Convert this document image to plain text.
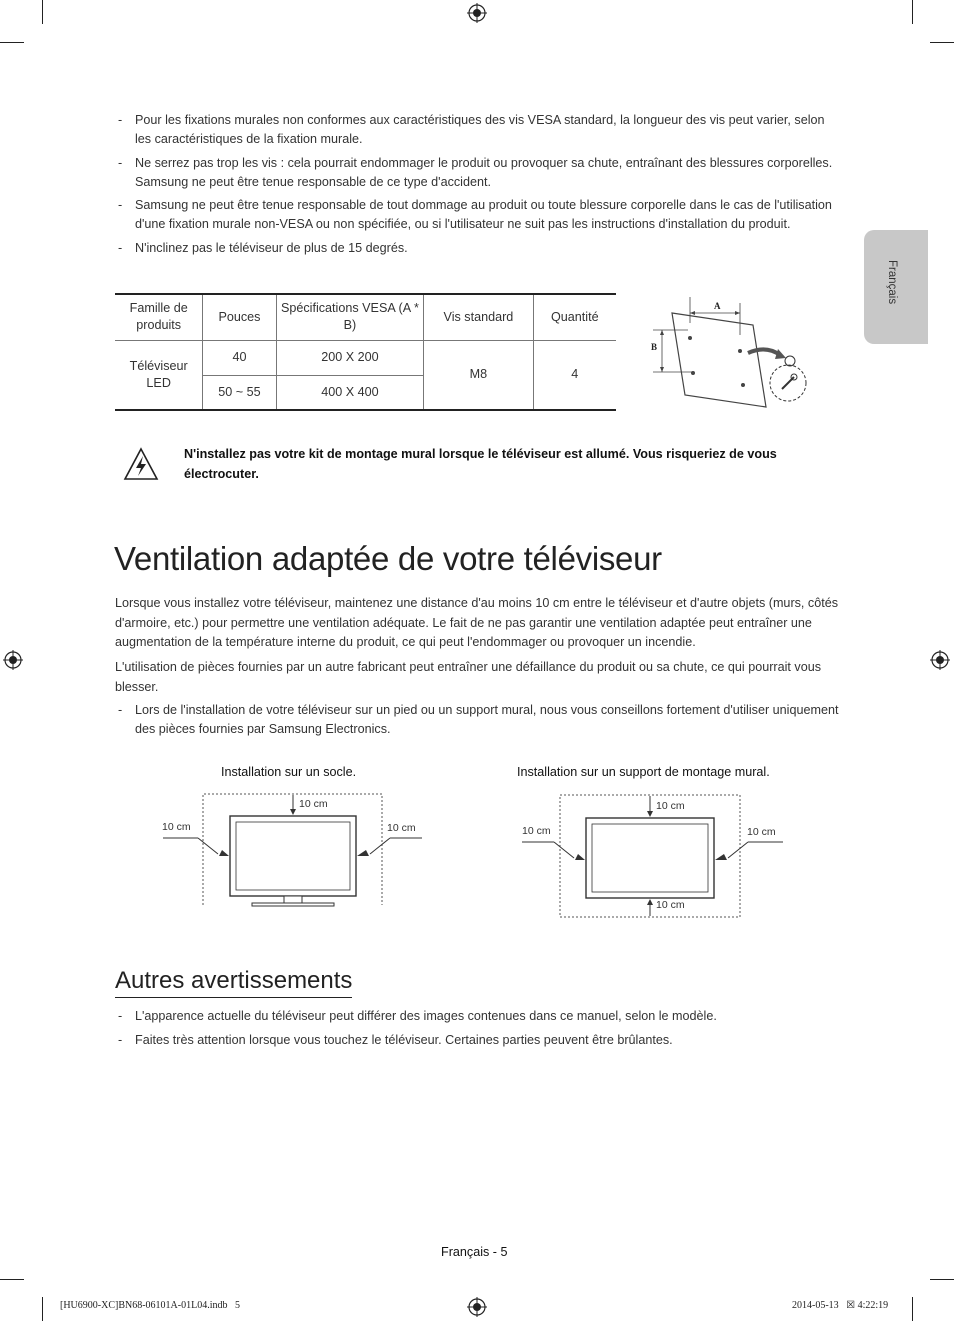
Français
- Pour les fixations murales non conformes aux caractéristiques des vis VESA standard, la longueur des vis peut varier, selon les caractéristiques de la fixation murale.
- Ne serrez pas trop les vis : cela pourrait endommager le produit ou provoquer sa chute, entraînant des blessures corporelles. Samsung ne peut être tenue responsable de ce type d'accident.
- Samsung ne peut être tenue responsable de tout dommage au produit ou toute blessure corporelle dans le cas de l'utilisation d'une fixation murale non-VESA ou non spécifiée, ou si l'utilisateur ne suit pas les instructions d'installation du produit.
- N'inclinez pas le téléviseur de plus de 15 degrés.
Famille de produits	Pouces	Spécifications VESA (A * B)	Vis standard	Quantité
Téléviseur LED	40	200 X 200	M8	4
	50 ~ 55	400 X 400		
A
B
N'installez pas votre kit de montage mural lorsque le téléviseur est allumé. Vous risqueriez de vous électrocuter.
Ventilation adaptée de votre téléviseur
Lorsque vous installez votre téléviseur, maintenez une distance d'au moins 10 cm entre le téléviseur et d'autre objets (murs, côtés d'armoire, etc.) pour permettre une ventilation adéquate. Le fait de ne pas garantir une ventilation adaptée peut entraîner une augmentation de la température interne du produit, ce qui peut l'endommager ou provoquer un incendie.
L'utilisation de pièces fournies par un autre fabricant peut entraîner une défaillance du produit ou sa chute, ce qui pourrait vous blesser.
- Lors de l'installation de votre téléviseur sur un pied ou un support mural, nous vous conseillons fortement d'utiliser uniquement des pièces fournies par Samsung Electronics.
Installation sur un socle.	Installation sur un support de montage mural.
10 cm
10 cm	10 cm
10 cm
10 cm	10 cm
10 cm
Autres avertissements
- L'apparence actuelle du téléviseur peut différer des images contenues dans ce manuel, selon le modèle.
- Faites très attention lorsque vous touchez le téléviseur. Certaines parties peuvent être brûlantes.
Français - 5
[HU6900-XC]BN68-06101A-01L04.indb   5	2014-05-13   ☒ 4:22:19
